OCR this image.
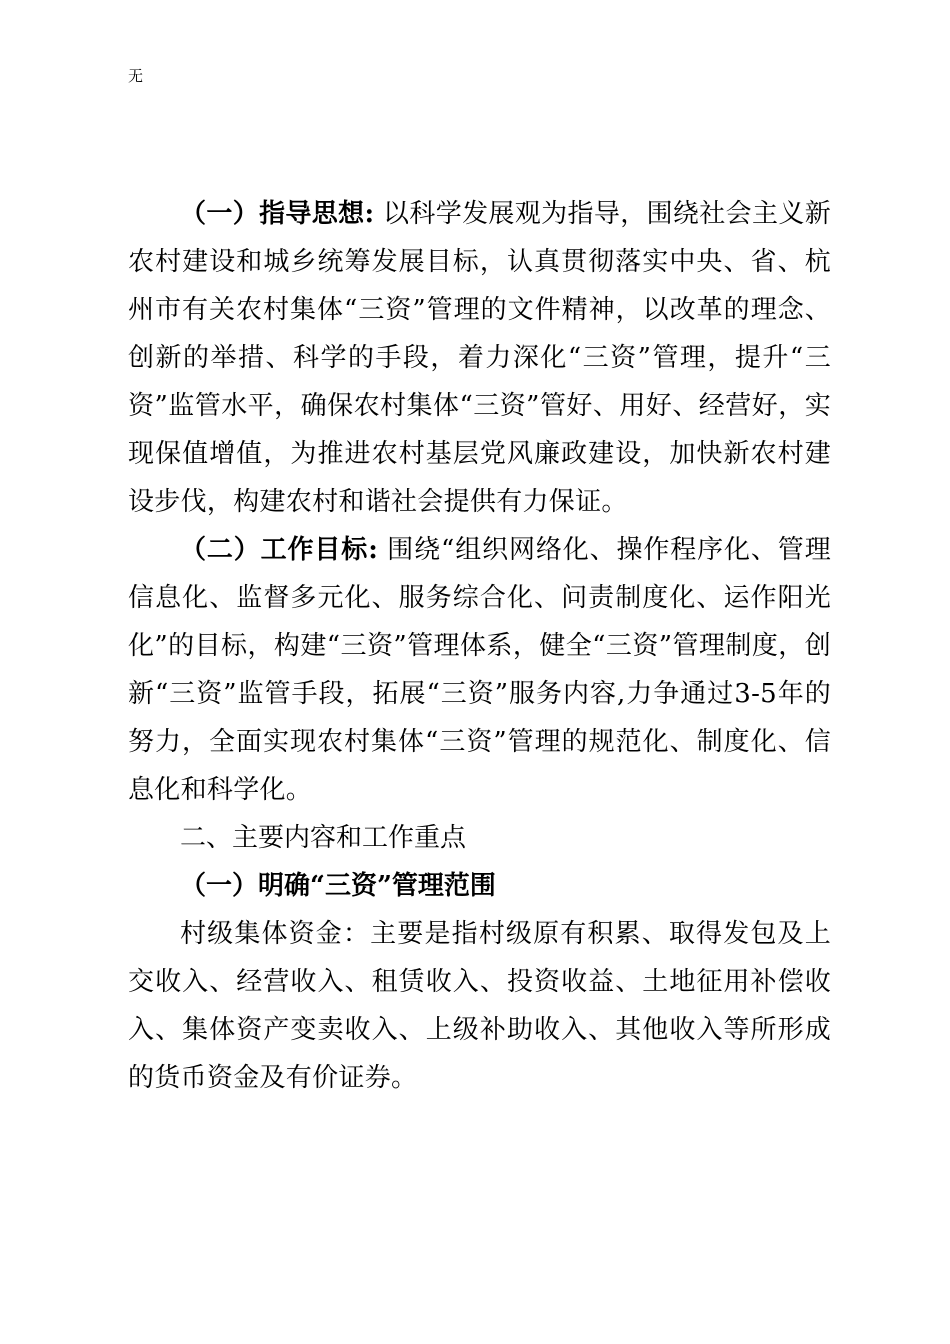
无

（一）指导思想: 以科学发展观为指导，围绕社会主义新农村建设和城乡统筹发展目标，认真贯彻落实中央、省、杭州市有关农村集体“三资”管理的文件精神，以改革的理念、创新的举措、科学的手段，着力深化“三资”管理，提升“三资”监管水平，确保农村集体“三资”管好、用好、经营好，实现保值增值，为推进农村基层党风廉政建设，加快新农村建设步伐，构建农村和谐社会提供有力保证。

（二）工作目标: 围绕“组织网络化、操作程序化、管理信息化、监督多元化、服务综合化、问责制度化、运作阳光化”的目标，构建“三资”管理体系，健全“三资”管理制度，创新“三资”监管手段，拓展“三资”服务内容,力争通过3-5年的努力，全面实现农村集体“三资”管理的规范化、制度化、信息化和科学化。

二、主要内容和工作重点

（一）明确“三资”管理范围

村级集体资金：主要是指村级原有积累、取得发包及上交收入、经营收入、租赁收入、投资收益、土地征用补偿收入、集体资产变卖收入、上级补助收入、其他收入等所形成的货币资金及有价证券。
